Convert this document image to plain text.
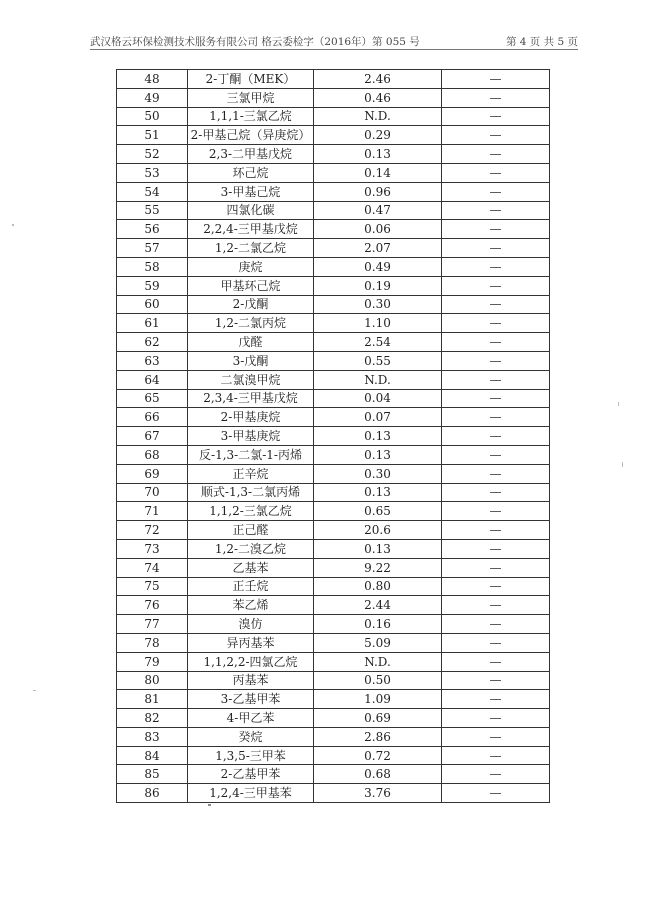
武汉格云环保检测技术服务有限公司 格云委检字（2016年）第 055 号	第 4 页 共 5 页
48	2-丁酮（MEK）	2.46	—
49	三氯甲烷	0.46	—
50	1,1,1-三氯乙烷	N.D.	—
51	2-甲基己烷（异庚烷）	0.29	—
52	2,3-二甲基戊烷	0.13	—
53	环己烷	0.14	—
54	3-甲基己烷	0.96	—
55	四氯化碳	0.47	—
56	2,2,4-三甲基戊烷	0.06	—
57	1,2-二氯乙烷	2.07	—
58	庚烷	0.49	—
59	甲基环己烷	0.19	—
60	2-戊酮	0.30	—
61	1,2-二氯丙烷	1.10	—
62	戊醛	2.54	—
63	3-戊酮	0.55	—
64	二氯溴甲烷	N.D.	—
65	2,3,4-三甲基戊烷	0.04	—
66	2-甲基庚烷	0.07	—
67	3-甲基庚烷	0.13	—
68	反-1,3-二氯-1-丙烯	0.13	—
69	正辛烷	0.30	—
70	顺式-1,3-二氯丙烯	0.13	—
71	1,1,2-三氯乙烷	0.65	—
72	正己醛	20.6	—
73	1,2-二溴乙烷	0.13	—
74	乙基苯	9.22	—
75	正壬烷	0.80	—
76	苯乙烯	2.44	—
77	溴仿	0.16	—
78	异丙基苯	5.09	—
79	1,1,2,2-四氯乙烷	N.D.	—
80	丙基苯	0.50	—
81	3-乙基甲苯	1.09	—
82	4-甲乙苯	0.69	—
83	癸烷	2.86	—
84	1,3,5-三甲苯	0.72	—
85	2-乙基甲苯	0.68	—
86	1,2,4-三甲基苯	3.76	—
